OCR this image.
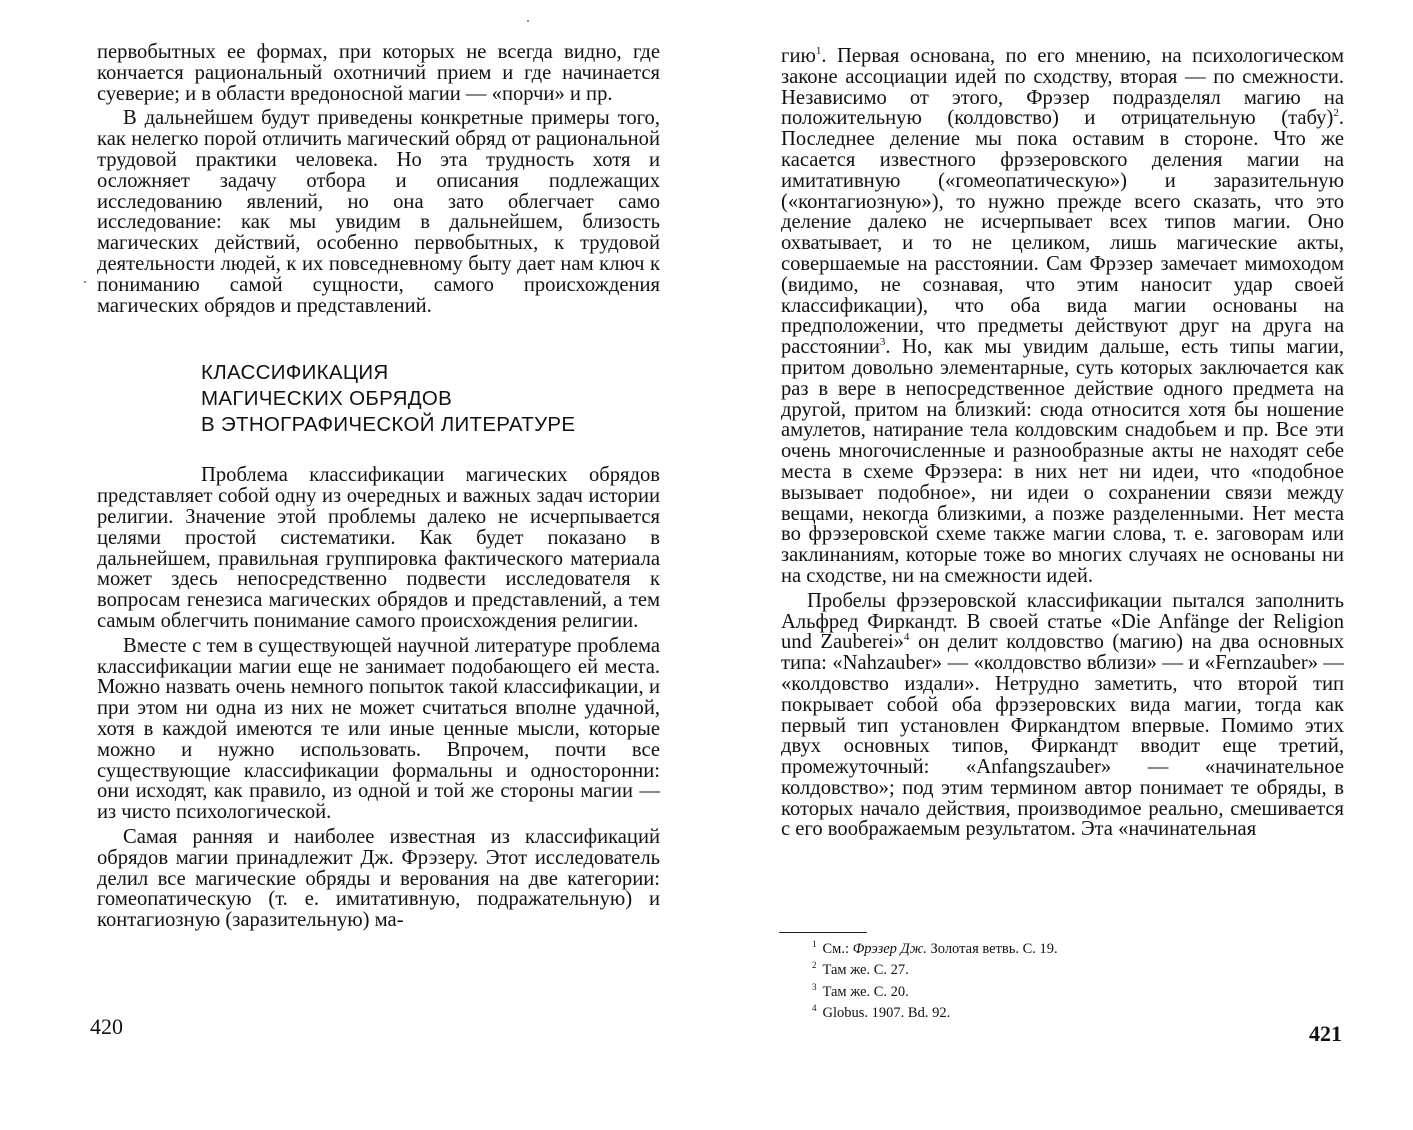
первобытных ее формах, при которых не всегда видно, где кончается рациональный охотничий прием и где начинается суеверие; и в области вредоносной магии — «порчи» и пр.

В дальнейшем будут приведены конкретные примеры того, как нелегко порой отличить магический обряд от рациональной трудовой практики человека. Но эта трудность хотя и осложняет задачу отбора и описания подлежащих исследованию явлений, но она зато облегчает само исследование: как мы увидим в дальнейшем, близость магических действий, особенно первобытных, к трудовой деятельности людей, к их повседневному быту дает нам ключ к пониманию самой сущности, самого происхождения магических обрядов и представлений.

КЛАССИФИКАЦИЯ
МАГИЧЕСКИХ ОБРЯДОВ
В ЭТНОГРАФИЧЕСКОЙ ЛИТЕРАТУРЕ

Проблема классификации магических обрядов представляет собой одну из очередных и важных задач истории религии. Значение этой проблемы далеко не исчерпывается целями простой систематики. Как будет показано в дальнейшем, правильная группировка фактического материала может здесь непосредственно подвести исследователя к вопросам генезиса магических обрядов и представлений, а тем самым облегчить понимание самого происхождения религии.

Вместе с тем в существующей научной литературе проблема классификации магии еще не занимает подобающего ей места. Можно назвать очень немного попыток такой классификации, и при этом ни одна из них не может считаться вполне удачной, хотя в каждой имеются те или иные ценные мысли, которые можно и нужно использовать. Впрочем, почти все существующие классификации формальны и односторонни: они исходят, как правило, из одной и той же стороны магии — из чисто психологической.

Самая ранняя и наиболее известная из классификаций обрядов магии принадлежит Дж. Фрэзеру. Этот исследователь делил все магические обряды и верования на две категории: гомеопатическую (т. е. имитативную, подражательную) и контагиозную (заразительную) ма-

420

гию$^1$. Первая основана, по его мнению, на психологическом законе ассоциации идей по сходству, вторая — по смежности. Независимо от этого, Фрэзер подразделял магию на положительную (колдовство) и отрицательную (табу)$^2$. Последнее деление мы пока оставим в стороне. Что же касается известного фрэзеровского деления магии на имитативную («гомеопатическую») и заразительную («контагиозную»), то нужно прежде всего сказать, что это деление далеко не исчерпывает всех типов магии. Оно охватывает, и то не целиком, лишь магические акты, совершаемые на расстоянии. Сам Фрэзер замечает мимоходом (видимо, не сознавая, что этим наносит удар своей классификации), что оба вида магии основаны на предположении, что предметы действуют друг на друга на расстоянии$^3$. Но, как мы увидим дальше, есть типы магии, притом довольно элементарные, суть которых заключается как раз в вере в непосредственное действие одного предмета на другой, притом на близкий: сюда относится хотя бы ношение амулетов, натирание тела колдовским снадобьем и пр. Все эти очень многочисленные и разнообразные акты не находят себе места в схеме Фрэзера: в них нет ни идеи, что «подобное вызывает подобное», ни идеи о сохранении связи между вещами, некогда близкими, а позже разделенными. Нет места во фрэзеровской схеме также магии слова, т. е. заговорам или заклинаниям, которые тоже во многих случаях не основаны ни на сходстве, ни на смежности идей.

Пробелы фрэзеровской классификации пытался заполнить Альфред Фиркандт. В своей статье «Die Anfänge der Religion und Zauberei»$^4$ он делит колдовство (магию) на два основных типа: «Nahzauber» — «колдовство вблизи» — и «Fernzauber» — «колдовство издали». Нетрудно заметить, что второй тип покрывает собой оба фрэзеровских вида магии, тогда как первый тип установлен Фиркандтом впервые. Помимо этих двух основных типов, Фиркандт вводит еще третий, промежуточный: «Anfangszauber» — «начинательное колдовство»; под этим термином автор понимает те обряды, в которых начало действия, производимое реально, смешивается с его воображаемым результатом. Эта «начинательная

$^1$ См.: Фрэзер Дж. Золотая ветвь. С. 19.
$^2$ Там же. С. 27.
$^3$ Там же. С. 20.
$^4$ Globus. 1907. Bd. 92.
421
